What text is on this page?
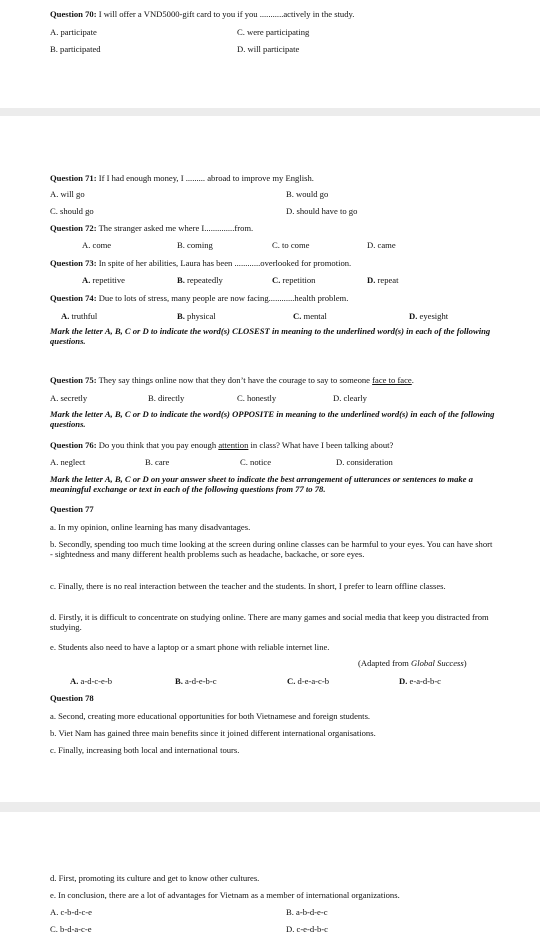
Question 70: I will offer a VND5000-gift card to you if you ...........actively in the study.
A. participate	C. were participating
B. participated	D. will participate
Question 71: If I had enough money, I ......... abroad to improve my English.
A. will go	B. would go
C. should go	D. should have to go
Question 72: The stranger asked me where I..............from.
A. come	B. coming	C. to come	D. came
Question 73: In spite of her abilities, Laura has been ............overlooked for promotion.
A. repetitive	B. repeatedly	C. repetition	D. repeat
Question 74: Due to lots of stress, many people are now facing............health problem.
A. truthful	B. physical	C. mental	D. eyesight
Mark the letter A, B, C or D to indicate the word(s) CLOSEST in meaning to the underlined word(s) in each of the following questions.
Question 75: They say things online now that they don’t have the courage to say to someone face to face.
A. secretly	B. directly	C. honestly	D. clearly
Mark the letter A, B, C or D to indicate the word(s) OPPOSITE in meaning to the underlined word(s) in each of the following questions.
Question 76: Do you think that you pay enough attention in class? What have I been talking about?
A. neglect	B. care	C. notice	D. consideration
Mark the letter A, B, C or D on your answer sheet to indicate the best arrangement of utterances or sentences to make a meaningful exchange or text in each of the following questions from 77 to 78.
Question 77
a. In my opinion, online learning has many disadvantages.
b. Secondly, spending too much time looking at the screen during online classes can be harmful to your eyes. You can have short - sightedness and many different health problems such as headache, backache, or sore eyes.
c. Finally, there is no real interaction between the teacher and the students. In short, I prefer to learn offline classes.
d. Firstly, it is difficult to concentrate on studying online. There are many games and social media that keep you distracted from studying.
e. Students also need to have a laptop or a smart phone with reliable internet line.
(Adapted from Global Success)
A. a-d-c-e-b	B. a-d-e-b-c	C. d-e-a-c-b	D. e-a-d-b-c
Question 78
a. Second, creating more educational opportunities for both Vietnamese and foreign students.
b. Viet Nam has gained three main benefits since it joined different international organisations.
c. Finally, increasing both local and international tours.
d. First, promoting its culture and get to know other cultures.
e. In conclusion, there are a lot of advantages for Vietnam as a member of international organizations.
A. c-b-d-c-e	B. a-b-d-e-c
C. b-d-a-c-e	D. c-e-d-b-c
